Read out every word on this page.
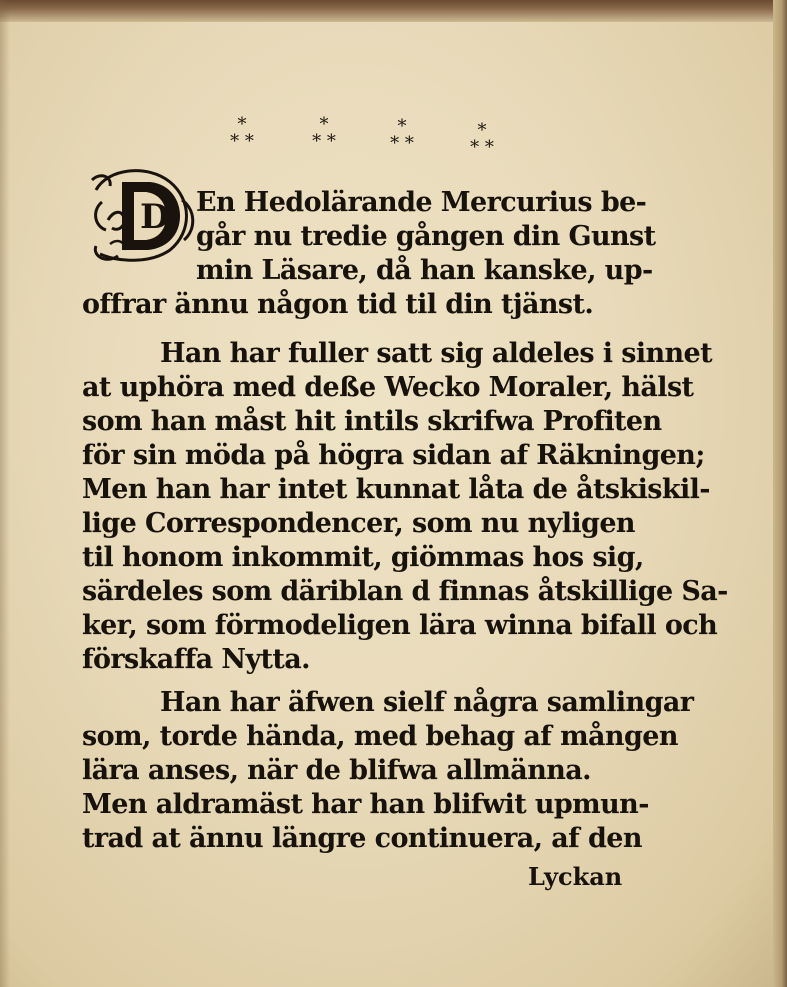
*
* *
*
* *
*
* *
*
* *
D En Hedolärande Mercurius be-
går nu tredie gången din Gunst
min Läsare, då han kanske, up-
offrar ännu någon tid til din tjänst.
Han har fuller satt sig aldeles i sinnet
at uphöra med deße Wecko Moraler, hälst
som han måst hit intils skrifwa Profiten
för sin möda på högra sidan af Räkningen;
Men han har intet kunnat låta de åtskiskil-
lige Correspondencer, som nu nyligen
til honom inkommit, giömmas hos sig,
särdeles som däriblan d finnas åtskillige Sa-
ker, som förmodeligen lära winna bifall och
förskaffa Nytta.
Han har äfwen sielf några samlingar
som, torde hända, med behag af mången
lära anses, när de blifwa allmänna.
Men aldramäst har han blifwit upmun-
trad at ännu längre continuera, af den
Lyckan
